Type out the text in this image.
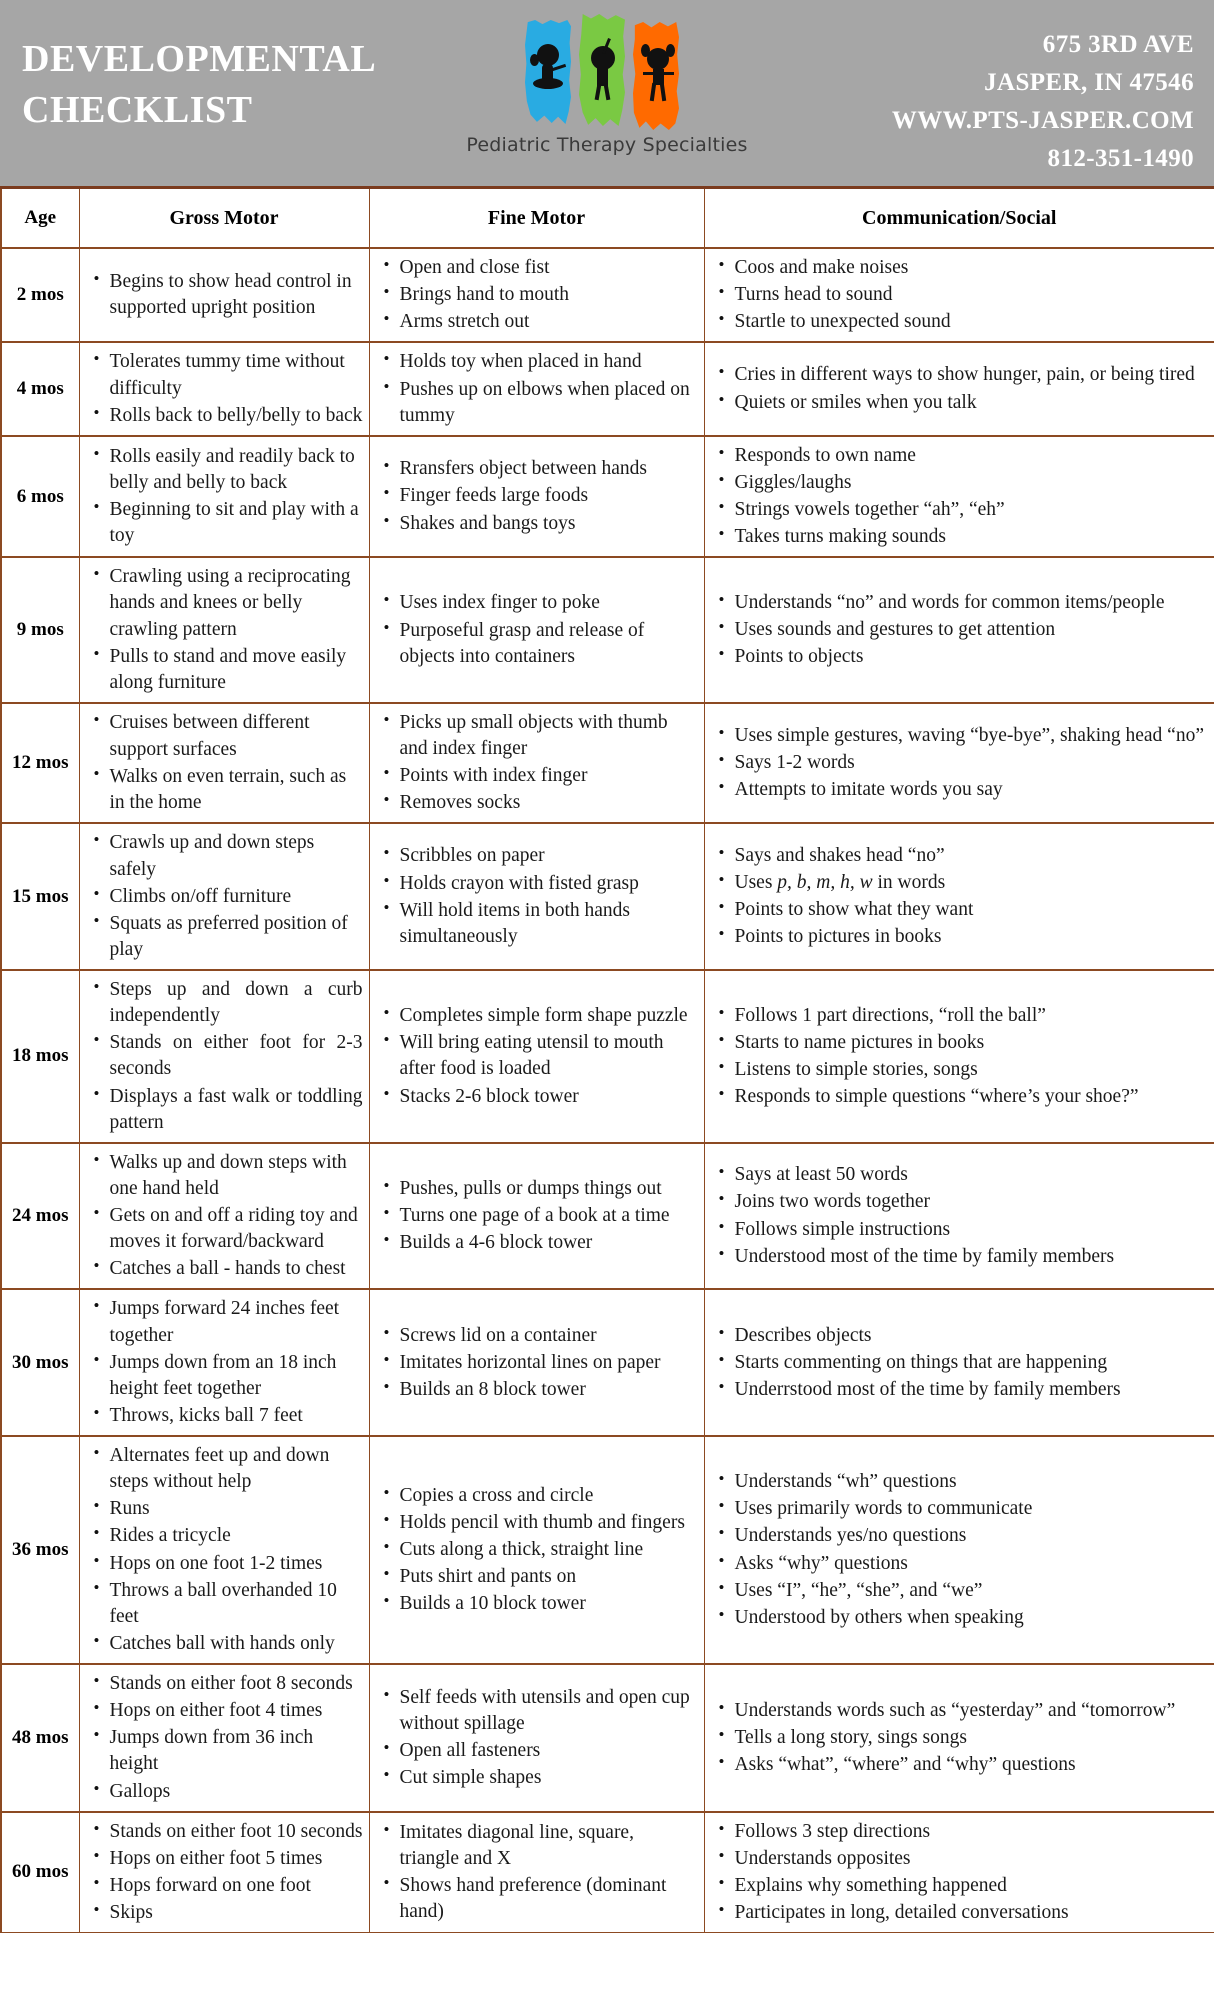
DEVELOPMENTAL
CHECKLIST
Pediatric Therapy Specialties
675 3RD AVE
JASPER, IN 47546
WWW.PTS-JASPER.COM
812-351-1490
Age	Gross Motor	Fine Motor	Communication/Social
2 mos	
• Begins to show head control in supported upright position

• Open and close fist
• Brings hand to mouth
• Arms stretch out

• Coos and make noises
• Turns head to sound
• Startle to unexpected sound

4 mos	
• Tolerates tummy time without difficulty
• Rolls back to belly/belly to back

• Holds toy when placed in hand
• Pushes up on elbows when placed on tummy

• Cries in different ways to show hunger, pain, or being tired
• Quiets or smiles when you talk

6 mos	
• Rolls easily and readily back to belly and belly to back
• Beginning to sit and play with a toy

• Rransfers object between hands
• Finger feeds large foods
• Shakes and bangs toys

• Responds to own name
• Giggles/laughs
• Strings vowels together “ah”, “eh”
• Takes turns making sounds

9 mos	
• Crawling using a reciprocating hands and knees or belly crawling pattern
• Pulls to stand and move easily along furniture

• Uses index finger to poke
• Purposeful grasp and release of objects into containers

• Understands “no” and words for common items/people
• Uses sounds and gestures to get attention
• Points to objects

12 mos	
• Cruises between different support surfaces
• Walks on even terrain, such as in the home

• Picks up small objects with thumb and index finger
• Points with index finger
• Removes socks

• Uses simple gestures, waving “bye-bye”, shaking head “no”
• Says 1-2 words
• Attempts to imitate words you say

15 mos	
• Crawls up and down steps safely
• Climbs on/off furniture
• Squats as preferred position of play

• Scribbles on paper
• Holds crayon with fisted grasp
• Will hold items in both hands simultaneously

• Says and shakes head “no”
• Uses p, b, m, h, w in words
• Points to show what they want
• Points to pictures in books

18 mos	
• Steps up and down a curb independently
• Stands on either foot for 2-3 seconds
• Displays a fast walk or toddling pattern

• Completes simple form shape puzzle
• Will bring eating utensil to mouth after food is loaded
• Stacks 2-6 block tower

• Follows 1 part directions, “roll the ball”
• Starts to name pictures in books
• Listens to simple stories, songs
• Responds to simple questions “where’s your shoe?”

24 mos	
• Walks up and down steps with one hand held
• Gets on and off a riding toy and moves it forward/backward
• Catches a ball - hands to chest

• Pushes, pulls or dumps things out
• Turns one page of a book at a time
• Builds a 4-6 block tower

• Says at least 50 words
• Joins two words together
• Follows simple instructions
• Understood most of the time by family members

30 mos	
• Jumps forward 24 inches feet together
• Jumps down from an 18 inch height feet together
• Throws, kicks ball 7 feet

• Screws lid on a container
• Imitates horizontal lines on paper
• Builds an 8 block tower

• Describes objects
• Starts commenting on things that are happening
• Underrstood most of the time by family members

36 mos	
• Alternates feet up and down steps without help
• Runs
• Rides a tricycle
• Hops on one foot 1-2 times
• Throws a ball overhanded 10 feet
• Catches ball with hands only

• Copies a cross and circle
• Holds pencil with thumb and fingers
• Cuts along a thick, straight line
• Puts shirt and pants on
• Builds a 10 block tower

• Understands “wh” questions
• Uses primarily words to communicate
• Understands yes/no questions
• Asks “why” questions
• Uses “I”, “he”, “she”, and “we”
• Understood by others when speaking

48 mos	
• Stands on either foot 8 seconds
• Hops on either foot 4 times
• Jumps down from 36 inch height
• Gallops

• Self feeds with utensils and open cup without spillage
• Open all fasteners
• Cut simple shapes

• Understands words such as “yesterday” and “tomorrow”
• Tells a long story, sings songs
• Asks “what”, “where” and “why” questions

60 mos	
• Stands on either foot 10 seconds
• Hops on either foot 5 times
• Hops forward on one foot
• Skips

• Imitates diagonal line, square, triangle and X
• Shows hand preference (dominant hand)

• Follows 3 step directions
• Understands opposites
• Explains why something happened
• Participates in long, detailed conversations
